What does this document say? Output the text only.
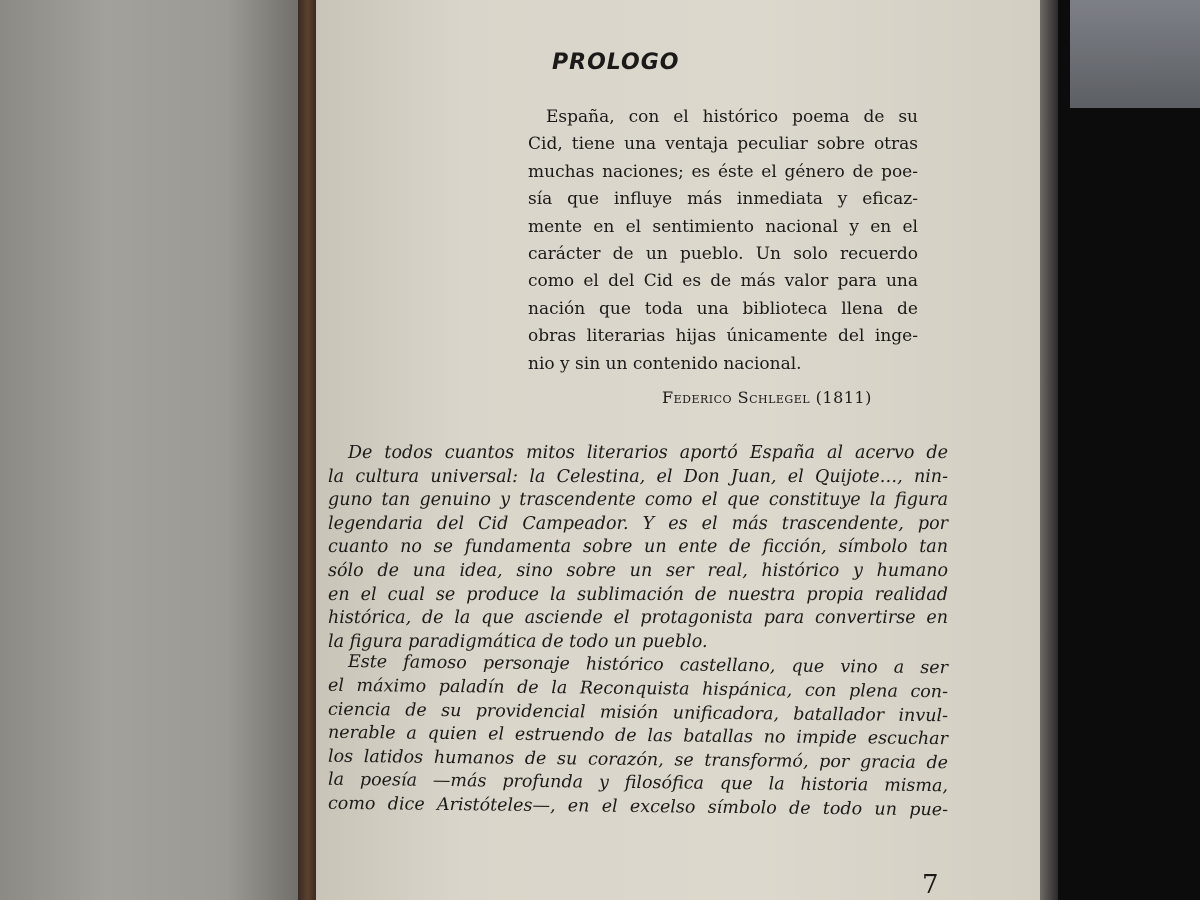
PROLOGO
España, con el histórico poema de su
Cid, tiene una ventaja peculiar sobre otras
muchas naciones; es éste el género de poe-
sía que influye más inmediata y eficaz-
mente en el sentimiento nacional y en el
carácter de un pueblo. Un solo recuerdo
como el del Cid es de más valor para una
nación que toda una biblioteca llena de
obras literarias hijas únicamente del inge-
nio y sin un contenido nacional.

Federico Schlegel (1811)

De todos cuantos mitos literarios aportó España al acervo de
la cultura universal: la Celestina, el Don Juan, el Quijote…, nin-
guno tan genuino y trascendente como el que constituye la figura
legendaria del Cid Campeador. Y es el más trascendente, por
cuanto no se fundamenta sobre un ente de ficción, símbolo tan
sólo de una idea, sino sobre un ser real, histórico y humano
en el cual se produce la sublimación de nuestra propia realidad
histórica, de la que asciende el protagonista para convertirse en
la figura paradigmática de todo un pueblo.
Este famoso personaje histórico castellano, que vino a ser
el máximo paladín de la Reconquista hispánica, con plena con-
ciencia de su providencial misión unificadora, batallador invul-
nerable a quien el estruendo de las batallas no impide escuchar
los latidos humanos de su corazón, se transformó, por gracia de
la poesía —más profunda y filosófica que la historia misma,
como dice Aristóteles—, en el excelso símbolo de todo un pue-

7
